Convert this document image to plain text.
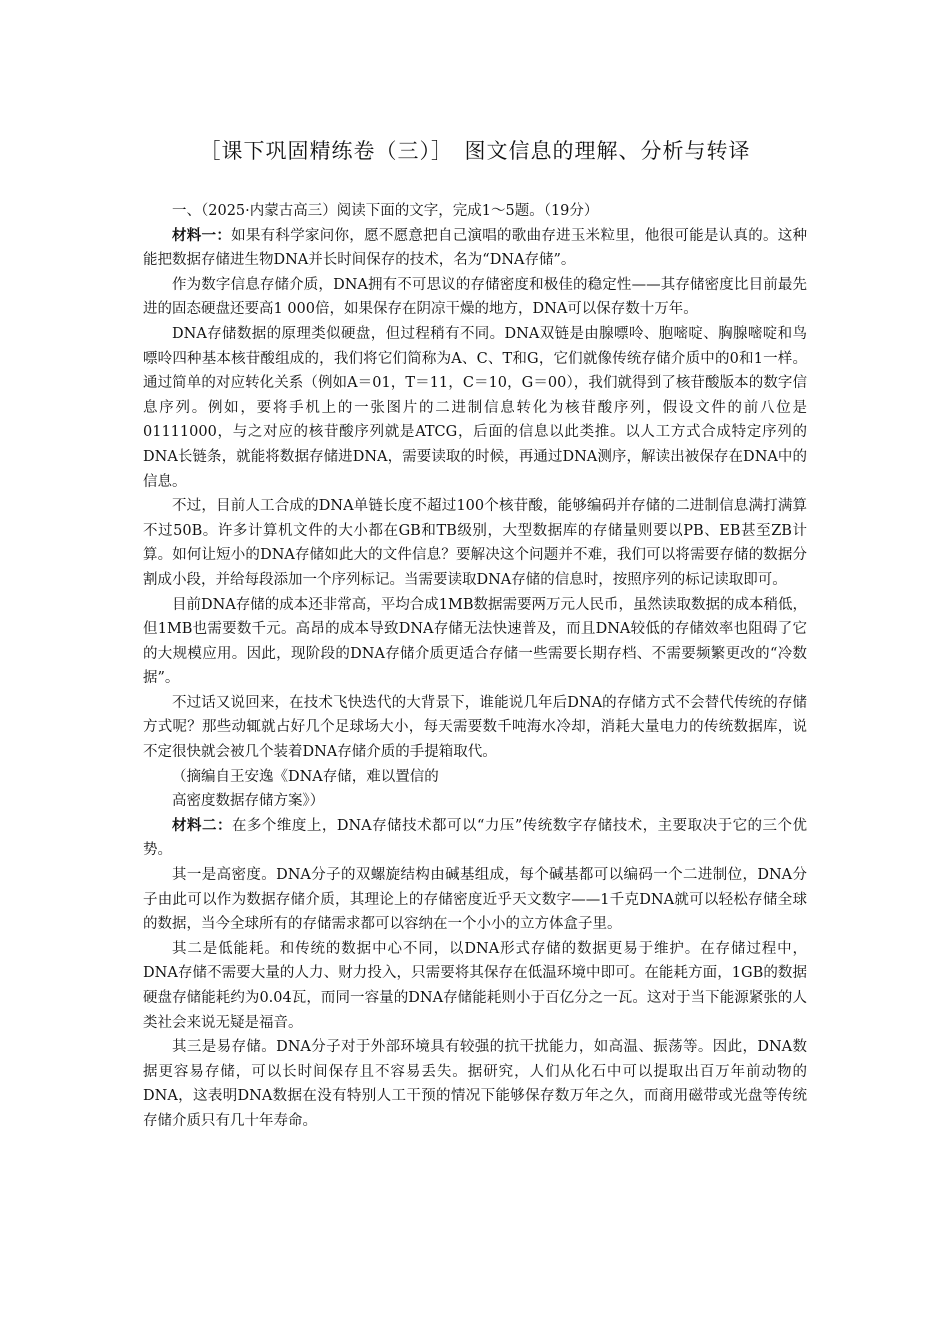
［课下巩固精练卷（三）］　图文信息的理解、分析与转译

一、（2025·内蒙古高三）阅读下面的文字，完成1～5题。（19分）

材料一：如果有科学家问你，愿不愿意把自己演唱的歌曲存进玉米粒里，他很可能是认真的。这种能把数据存储进生物DNA并长时间保存的技术，名为“DNA存储”。

作为数字信息存储介质，DNA拥有不可思议的存储密度和极佳的稳定性——其存储密度比目前最先进的固态硬盘还要高1 000倍，如果保存在阴凉干燥的地方，DNA可以保存数十万年。

DNA存储数据的原理类似硬盘，但过程稍有不同。DNA双链是由腺嘌呤、胞嘧啶、胸腺嘧啶和鸟嘌呤四种基本核苷酸组成的，我们将它们简称为A、C、T和G，它们就像传统存储介质中的0和1一样。通过简单的对应转化关系（例如A＝01，T＝11，C＝10，G＝00），我们就得到了核苷酸版本的数字信息序列。例如，要将手机上的一张图片的二进制信息转化为核苷酸序列，假设文件的前八位是01111000，与之对应的核苷酸序列就是ATCG，后面的信息以此类推。以人工方式合成特定序列的DNA长链条，就能将数据存储进DNA，需要读取的时候，再通过DNA测序，解读出被保存在DNA中的信息。

不过，目前人工合成的DNA单链长度不超过100个核苷酸，能够编码并存储的二进制信息满打满算不过50B。许多计算机文件的大小都在GB和TB级别，大型数据库的存储量则要以PB、EB甚至ZB计算。如何让短小的DNA存储如此大的文件信息？要解决这个问题并不难，我们可以将需要存储的数据分割成小段，并给每段添加一个序列标记。当需要读取DNA存储的信息时，按照序列的标记读取即可。

目前DNA存储的成本还非常高，平均合成1MB数据需要两万元人民币，虽然读取数据的成本稍低，但1MB也需要数千元。高昂的成本导致DNA存储无法快速普及，而且DNA较低的存储效率也阻碍了它的大规模应用。因此，现阶段的DNA存储介质更适合存储一些需要长期存档、不需要频繁更改的“冷数据”。

不过话又说回来，在技术飞快迭代的大背景下，谁能说几年后DNA的存储方式不会替代传统的存储方式呢？那些动辄就占好几个足球场大小，每天需要数千吨海水冷却，消耗大量电力的传统数据库，说不定很快就会被几个装着DNA存储介质的手提箱取代。

（摘编自王安逸《DNA存储，难以置信的

高密度数据存储方案》）

材料二：在多个维度上，DNA存储技术都可以“力压”传统数字存储技术，主要取决于它的三个优势。

其一是高密度。DNA分子的双螺旋结构由碱基组成，每个碱基都可以编码一个二进制位，DNA分子由此可以作为数据存储介质，其理论上的存储密度近乎天文数字——1千克DNA就可以轻松存储全球的数据，当今全球所有的存储需求都可以容纳在一个小小的立方体盒子里。

其二是低能耗。和传统的数据中心不同，以DNA形式存储的数据更易于维护。在存储过程中，DNA存储不需要大量的人力、财力投入，只需要将其保存在低温环境中即可。在能耗方面，1GB的数据硬盘存储能耗约为0.04瓦，而同一容量的DNA存储能耗则小于百亿分之一瓦。这对于当下能源紧张的人类社会来说无疑是福音。

其三是易存储。DNA分子对于外部环境具有较强的抗干扰能力，如高温、振荡等。因此，DNA数据更容易存储，可以长时间保存且不容易丢失。据研究，人们从化石中可以提取出百万年前动物的DNA，这表明DNA数据在没有特别人工干预的情况下能够保存数万年之久，而商用磁带或光盘等传统存储介质只有几十年寿命。
